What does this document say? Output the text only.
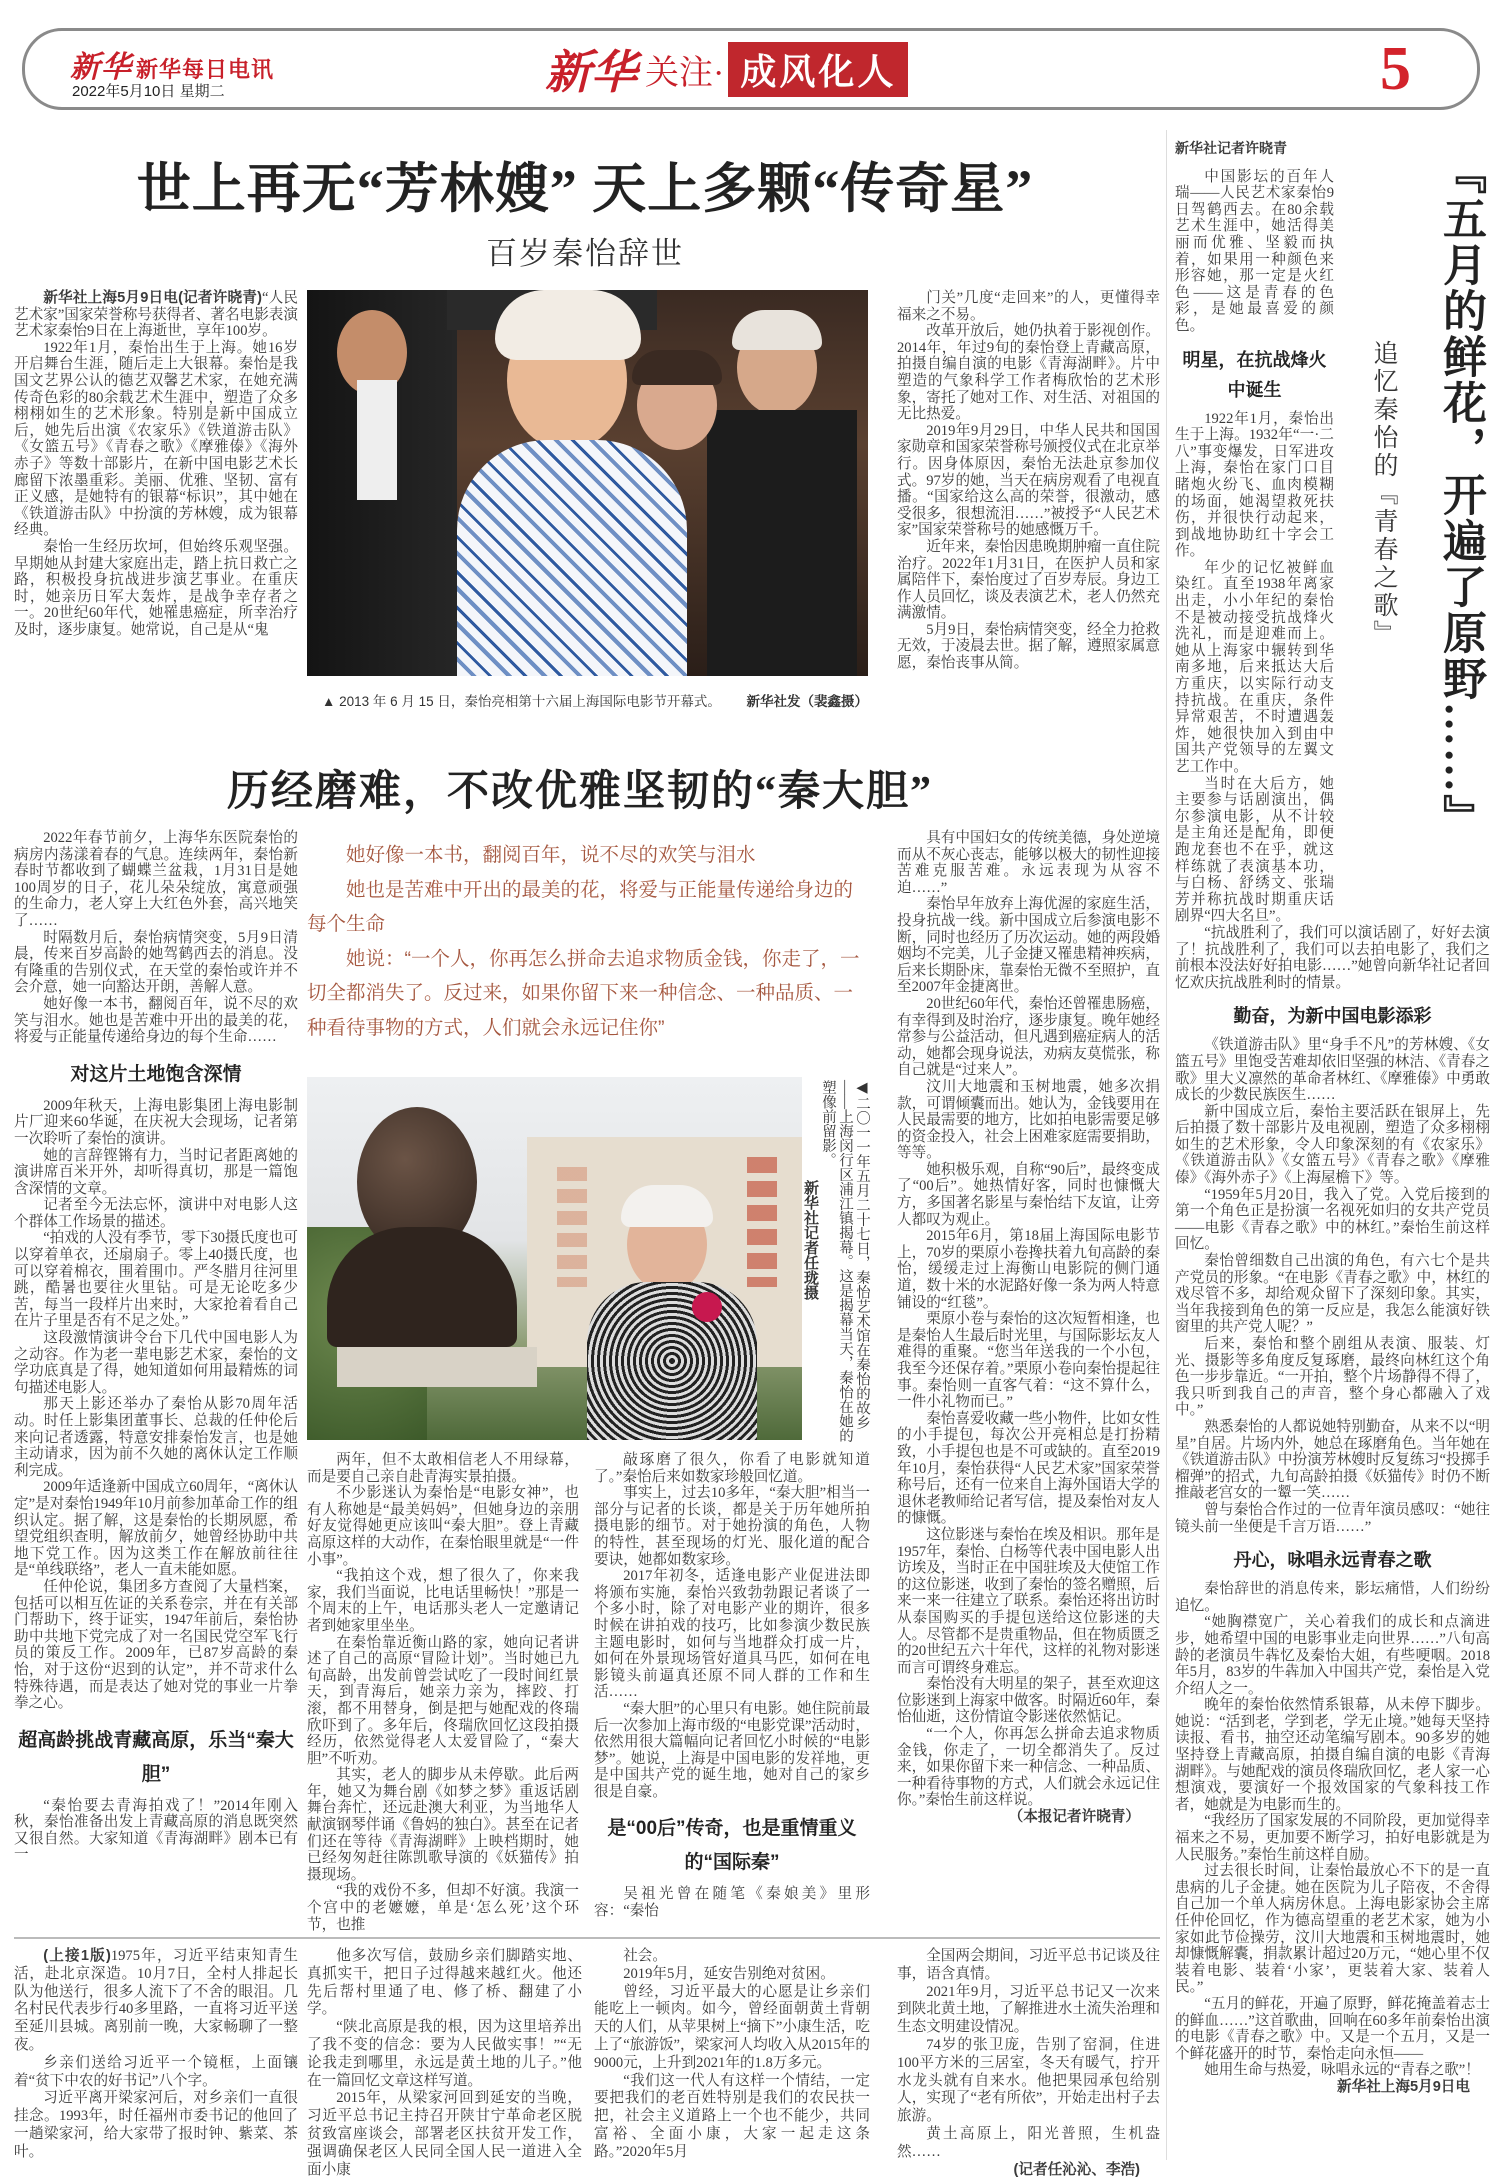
新华 新华每日电讯
2022年5月10日 星期二	新华 关注· 成风化人	5
世上再无“芳林嫂” 天上多颗“传奇星”
百岁秦怡辞世

新华社上海5月9日电(记者许晓青)“人民艺术家”国家荣誉称号获得者、著名电影表演艺术家秦怡9日在上海逝世，享年100岁。

1922年1月，秦怡出生于上海。她16岁开启舞台生涯，随后走上大银幕。秦怡是我国文艺界公认的德艺双馨艺术家，在她充满传奇色彩的80余载艺术生涯中，塑造了众多栩栩如生的艺术形象。特别是新中国成立后，她先后出演《农家乐》《铁道游击队》《女篮五号》《青春之歌》《摩雅傣》《海外赤子》等数十部影片，在新中国电影艺术长廊留下浓墨重彩。美丽、优雅、坚韧、富有正义感，是她特有的银幕“标识”，其中她在《铁道游击队》中扮演的芳林嫂，成为银幕经典。

秦怡一生经历坎坷，但始终乐观坚强。早期她从封建大家庭出走，踏上抗日救亡之路，积极投身抗战进步演艺事业。在重庆时，她亲历日军大轰炸，是战争幸存者之一。20世纪60年代，她罹患癌症，所幸治疗及时，逐步康复。她常说，自己是从“鬼

▲ 2013 年 6 月 15 日，秦怡亮相第十六届上海国际电影节开幕式。 新华社发（裴鑫摄）

门关”几度“走回来”的人，更懂得幸福来之不易。

改革开放后，她仍执着于影视创作。2014年，年过9旬的秦怡登上青藏高原，拍摄自编自演的电影《青海湖畔》。片中塑造的气象科学工作者梅欣怡的艺术形象，寄托了她对工作、对生活、对祖国的无比热爱。

2019年9月29日，中华人民共和国国家勋章和国家荣誉称号颁授仪式在北京举行。因身体原因，秦怡无法赴京参加仪式。97岁的她，当天在病房观看了电视直播。“国家给这么高的荣誉，很激动，感受很多，很想流泪……”被授予“人民艺术家”国家荣誉称号的她感慨万千。

近年来，秦怡因患晚期肿瘤一直住院治疗。2022年1月31日，在医护人员和家属陪伴下，秦怡度过了百岁寿辰。身边工作人员回忆，谈及表演艺术，老人仍然充满激情。

5月9日，秦怡病情突变，经全力抢救无效，于凌晨去世。据了解，遵照家属意愿，秦怡丧事从简。

历经磨难，不改优雅坚韧的“秦大胆”

2022年春节前夕，上海华东医院秦怡的病房内荡漾着春的气息。连续两年，秦怡新春时节都收到了蝴蝶兰盆栽，1月31日是她100周岁的日子，花儿朵朵绽放，寓意顽强的生命力，老人穿上大红色外套，高兴地笑了……

时隔数月后，秦怡病情突变，5月9日清晨，传来百岁高龄的她驾鹤西去的消息。没有隆重的告别仪式，在天堂的秦怡或许并不会介意，她一向豁达开朗，善解人意。

她好像一本书，翻阅百年，说不尽的欢笑与泪水。她也是苦难中开出的最美的花，将爱与正能量传递给身边的每个生命……

对这片土地饱含深情

2009年秋天，上海电影集团上海电影制片厂迎来60华诞，在庆祝大会现场，记者第一次聆听了秦怡的演讲。

她的言辞铿锵有力，当时记者距离她的演讲席百米开外，却听得真切，那是一篇饱含深情的文章。

记者至今无法忘怀，演讲中对电影人这个群体工作场景的描述。

“拍戏的人没有季节，零下30摄氏度也可以穿着单衣，还扇扇子。零上40摄氏度，也可以穿着棉衣，围着围巾。严冬腊月往河里跳，酷暑也要往火里钻。可是无论吃多少苦，每当一段样片出来时，大家抢着看自己在片子里是否有不足之处。”

这段激情演讲令台下几代中国电影人为之动容。作为老一辈电影艺术家，秦怡的文学功底真是了得，她知道如何用最精炼的词句描述电影人。

那天上影还举办了秦怡从影70周年活动。时任上影集团董事长、总裁的任仲伦后来向记者透露，特意安排秦怡发言，也是她主动请求，因为前不久她的离休认定工作顺利完成。

2009年适逢新中国成立60周年，“离休认定”是对秦怡1949年10月前参加革命工作的组织认定。据了解，这是秦怡的长期夙愿，希望党组织查明，解放前夕，她曾经协助中共地下党工作。因为这类工作在解放前往往是“单线联络”，老人一直未能如愿。

任仲伦说，集团多方查阅了大量档案，包括可以相互佐证的关系卷宗，并在有关部门帮助下，终于证实，1947年前后，秦怡协助中共地下党完成了对一名国民党空军飞行员的策反工作。2009年，已87岁高龄的秦怡，对于这份“迟到的认定”，并不苛求什么特殊待遇，而是表达了她对党的事业一片拳拳之心。

超高龄挑战青藏高原，乐当“秦大胆”

“秦怡要去青海拍戏了！”2014年刚入秋，秦怡准备出发上青藏高原的消息既突然又很自然。大家知道《青海湖畔》剧本已有一

她好像一本书，翻阅百年，说不尽的欢笑与泪水

她也是苦难中开出的最美的花，将爱与正能量传递给身边的每个生命

她说：“一个人，你再怎么拼命去追求物质金钱，你走了，一切全都消失了。反过来，如果你留下来一种信念、一种品质、一种看待事物的方式，人们就会永远记住你”

◀二〇一一年五月二十七日，秦怡艺术馆在秦怡的故乡——上海闵行区浦江镇揭幕。这是揭幕当天，秦怡在她的塑像前留影。
新华社记者任珑摄

两年，但不太敢相信老人不用绿幕，而是要自己亲自赴青海实景拍摄。

不少影迷认为秦怡是“电影女神”，也有人称她是“最美妈妈”，但她身边的亲朋好友觉得她更应该叫“秦大胆”。登上青藏高原这样的大动作，在秦怡眼里就是“一件小事”。

“我拍这个戏，想了很久了，你来我家，我们当面说，比电话里畅快！”那是一个周末的上午，电话那头老人一定邀请记者到她家里坐坐。

在秦怡靠近衡山路的家，她向记者讲述了自己的高原“冒险计划”。当时她已九旬高龄，出发前曾尝试吃了一段时间红景天，到青海后，她亲力亲为，摔跤、打滚，都不用替身，倒是把与她配戏的佟瑞欣吓到了。多年后，佟瑞欣回忆这段拍摄经历，依然觉得老人太爱冒险了，“秦大胆”不听劝。

其实，老人的脚步从未停歇。此后两年，她又为舞台剧《如梦之梦》重返话剧舞台奔忙，还远赴澳大利亚，为当地华人献演钢琴伴诵《鲁妈的独白》。甚至在记者们还在等待《青海湖畔》上映档期时，她已经匆匆赶往陈凯歌导演的《妖猫传》拍摄现场。

“我的戏份不多，但却不好演。我演一个宫中的老嬷嬷，单是‘怎么死’这个环节，也推

敲琢磨了很久，你看了电影就知道了。”秦怡后来如数家珍般回忆道。

事实上，过去10多年，“秦大胆”相当一部分与记者的长谈，都是关于历年她所拍摄电影的细节。对于她扮演的角色，人物的特性，甚至现场的灯光、服化道的配合要诀，她都如数家珍。

2017年初冬，适逢电影产业促进法即将颁布实施，秦怡兴致勃勃跟记者谈了一个多小时，除了对电影产业的期许，很多时候在讲拍戏的技巧，比如参演少数民族主题电影时，如何与当地群众打成一片，如何在外景现场管好道具马匹，如何在电影镜头前逼真还原不同人群的工作和生活……

“秦大胆”的心里只有电影。她住院前最后一次参加上海市级的“电影党课”活动时，依然用很大篇幅向记者回忆小时候的“电影梦”。她说，上海是中国电影的发祥地，更是中国共产党的诞生地，她对自己的家乡很是自豪。

是“00后”传奇，也是重情重义的“国际秦”

吴祖光曾在随笔《秦娘美》里形容：“秦怡

具有中国妇女的传统美德，身处逆境而从不灰心丧志，能够以极大的韧性迎接苦难克服苦难。永远表现为从容不迫……”

秦怡早年放弃上海优渥的家庭生活，投身抗战一线。新中国成立后参演电影不断，同时也经历了历次运动。她的两段婚姻均不完美，儿子金捷又罹患精神疾病，后来长期卧床，靠秦怡无微不至照护，直至2007年金捷离世。

20世纪60年代，秦怡还曾罹患肠癌，有幸得到及时治疗，逐步康复。晚年她经常参与公益活动，但凡遇到癌症病人的活动，她都会现身说法，劝病友莫慌张，称自己就是“过来人”。

汶川大地震和玉树地震，她多次捐款，可谓倾囊而出。她认为，金钱要用在人民最需要的地方，比如拍电影需要足够的资金投入，社会上困难家庭需要捐助，等等。

她积极乐观，自称“90后”，最终变成了“00后”。她热情好客，同时也慷慨大方，多国著名影星与秦怡结下友谊，让旁人都叹为观止。

2015年6月，第18届上海国际电影节上，70岁的栗原小卷搀扶着九旬高龄的秦怡，缓缓走过上海衡山电影院的侧门通道，数十米的水泥路好像一条为两人特意铺设的“红毯”。

栗原小卷与秦怡的这次短暂相逢，也是秦怡人生最后时光里，与国际影坛友人难得的重聚。“您当年送我的一个小包，我至今还保存着。”栗原小卷向秦怡提起往事。秦怡则一直客气着：“这不算什么，一件小礼物而已。”

秦怡喜爱收藏一些小物件，比如女性的小手提包，每次公开亮相总是打扮精致，小手提包也是不可或缺的。直至2019年10月，秦怡获得“人民艺术家”国家荣誉称号后，还有一位来自上海外国语大学的退休老教师给记者写信，提及秦怡对友人的慷慨。

这位影迷与秦怡在埃及相识。那年是1957年，秦怡、白杨等代表中国电影人出访埃及，当时正在中国驻埃及大使馆工作的这位影迷，收到了秦怡的签名赠照，后来一来一往建立了联系。秦怡还将出访时从泰国购买的手提包送给这位影迷的夫人。尽管都不是贵重物品，但在物质匮乏的20世纪五六十年代，这样的礼物对影迷而言可谓终身难忘。

秦怡没有大明星的架子，甚至欢迎这位影迷到上海家中做客。时隔近60年，秦怡仙逝，这份情谊令影迷依然惦记。

“一个人，你再怎么拼命去追求物质金钱，你走了，一切全都消失了。反过来，如果你留下来一种信念、一种品质、一种看待事物的方式，人们就会永远记住你。”秦怡生前这样说。

（本报记者许晓青）

(上接1版)1975年，习近平结束知青生活，赴北京深造。10月7日，全村人排起长队为他送行，很多人流下了不舍的眼泪。几名村民代表步行40多里路，一直将习近平送至延川县城。离别前一晚，大家畅聊了一整夜。

乡亲们送给习近平一个镜框，上面镶着“贫下中农的好书记”八个字。

习近平离开梁家河后，对乡亲们一直很挂念。1993年，时任福州市委书记的他回了一趟梁家河，给大家带了报时钟、紫菜、茶叶。

他多次写信，鼓励乡亲们脚踏实地、真抓实干，把日子过得越来越红火。他还先后帮村里通了电、修了桥、翻建了小学。

“陕北高原是我的根，因为这里培养出了我不变的信念：要为人民做实事！”“无论我走到哪里，永远是黄土地的儿子。”他在一篇回忆文章这样写道。

2015年，从梁家河回到延安的当晚，习近平总书记主持召开陕甘宁革命老区脱贫致富座谈会，部署老区扶贫开发工作，强调确保老区人民同全国人民一道进入全面小康

社会。

2019年5月，延安告别绝对贫困。

曾经，习近平最大的心愿是让乡亲们能吃上一顿肉。如今，曾经面朝黄土背朝天的人们，从苹果树上“摘下”小康生活，吃上了“旅游饭”，梁家河人均收入从2015年的9000元，上升到2021年的1.8万多元。

“我们这一代人有这样一个情结，一定要把我们的老百姓特别是我们的农民扶一把，社会主义道路上一个也不能少，共同富裕、全面小康，大家一起走这条路。”2020年5月

全国两会期间，习近平总书记谈及往事，语含真情。

2021年9月，习近平总书记又一次来到陕北黄土地，了解推进水土流失治理和生态文明建设情况。

74岁的张卫庞，告别了窑洞，住进100平方米的三居室，冬天有暖气，拧开水龙头就有自来水。他把果园承包给别人，实现了“老有所依”，开始走出村子去旅游。

黄土高原上，阳光普照，生机盎然……

(记者任沁沁、李浩)

『五月的鲜花，开遍了原野……』
追忆秦怡的『青春之歌』

新华社记者许晓青

中国影坛的百年人瑞——人民艺术家秦怡9日驾鹤西去。在80余载艺术生涯中，她活得美丽而优雅、坚毅而执着，如果用一种颜色来形容她，那一定是火红色——这是青春的色彩，是她最喜爱的颜色。

明星，在抗战烽火中诞生

1922年1月，秦怡出生于上海。1932年“一·二八”事变爆发，日军进攻上海，秦怡在家门口目睹炮火纷飞、血肉模糊的场面，她渴望救死扶伤，并很快行动起来，到战地协助红十字会工作。

年少的记忆被鲜血染红。直至1938年离家出走，小小年纪的秦怡不是被动接受抗战烽火洗礼，而是迎难而上。她从上海家中辗转到华南多地，后来抵达大后方重庆，以实际行动支持抗战。在重庆，条件异常艰苦，不时遭遇轰炸，她很快加入到由中国共产党领导的左翼文艺工作中。

当时在大后方，她主要参与话剧演出，偶尔参演电影，从不计较是主角还是配角，即便跑龙套也不在乎，就这样练就了表演基本功，与白杨、舒绣文、张瑞芳并称抗战时期重庆话剧界“四大名旦”。

“抗战胜利了，我们可以演话剧了，好好去演了！抗战胜利了，我们可以去拍电影了，我们之前根本没法好好拍电影……”她曾向新华社记者回忆欢庆抗战胜利时的情景。

勤奋，为新中国电影添彩

《铁道游击队》里“身手不凡”的芳林嫂、《女篮五号》里饱受苦难却依旧坚强的林洁、《青春之歌》里大义凛然的革命者林红、《摩雅傣》中勇敢成长的少数民族医生……

新中国成立后，秦怡主要活跃在银屏上，先后拍摄了数十部影片及电视剧，塑造了众多栩栩如生的艺术形象，令人印象深刻的有《农家乐》《铁道游击队》《女篮五号》《青春之歌》《摩雅傣》《海外赤子》《上海屋檐下》等。

“1959年5月20日，我入了党。入党后接到的第一个角色正是扮演一名视死如归的女共产党员——电影《青春之歌》中的林红。”秦怡生前这样回忆。

秦怡曾细数自己出演的角色，有六七个是共产党员的形象。“在电影《青春之歌》中，林红的戏尽管不多，却给观众留下了深刻印象。其实，当年我接到角色的第一反应是，我怎么能演好铁窗里的共产党人呢？”

后来，秦怡和整个剧组从表演、服装、灯光、摄影等多角度反复琢磨，最终向林红这个角色一步步靠近。“一开拍，整个片场静得不得了，我只听到我自己的声音，整个身心都融入了戏中。”

熟悉秦怡的人都说她特别勤奋，从来不以“明星”自居。片场内外，她总在琢磨角色。当年她在《铁道游击队》中扮演芳林嫂时反复练习“投掷手榴弹”的招式，九旬高龄拍摄《妖猫传》时仍不断推敲老宫女的一颦一笑……

曾与秦怡合作过的一位青年演员感叹：“她往镜头前一坐便是千言万语……”

丹心，咏唱永远青春之歌

秦怡辞世的消息传来，影坛痛惜，人们纷纷追忆。

“她胸襟宽广，关心着我们的成长和点滴进步，她希望中国的电影事业走向世界……”八旬高龄的老演员牛犇忆及秦怡大姐，有些哽咽。2018年5月，83岁的牛犇加入中国共产党，秦怡是入党介绍人之一。

晚年的秦怡依然情系银幕，从未停下脚步。她说：“活到老，学到老，学无止境。”她每天坚持读报、看书，抽空还动笔编写剧本。90多岁的她坚持登上青藏高原，拍摄自编自演的电影《青海湖畔》。与她配戏的演员佟瑞欣回忆，老人家一心想演戏，要演好一个报效国家的气象科技工作者，她就是为电影而生的。

“我经历了国家发展的不同阶段，更加觉得幸福来之不易，更加要不断学习，拍好电影就是为人民服务。”秦怡生前这样自励。

过去很长时间，让秦怡最放心不下的是一直患病的儿子金捷。她在医院为儿子陪夜，不舍得自己加一个单人病房休息。上海电影家协会主席任仲伦回忆，作为德高望重的老艺术家，她为小家如此节俭操劳，汶川大地震和玉树地震时，她却慷慨解囊，捐款累计超过20万元，“她心里不仅装着电影、装着‘小家’，更装着大家、装着人民。”

“五月的鲜花，开遍了原野，鲜花掩盖着志士的鲜血……”这首歌曲，回响在60多年前秦怡出演的电影《青春之歌》中。又是一个五月，又是一个鲜花盛开的时节，秦怡走向永恒——

她用生命与热爱，咏唱永远的“青春之歌”！

新华社上海5月9日电
